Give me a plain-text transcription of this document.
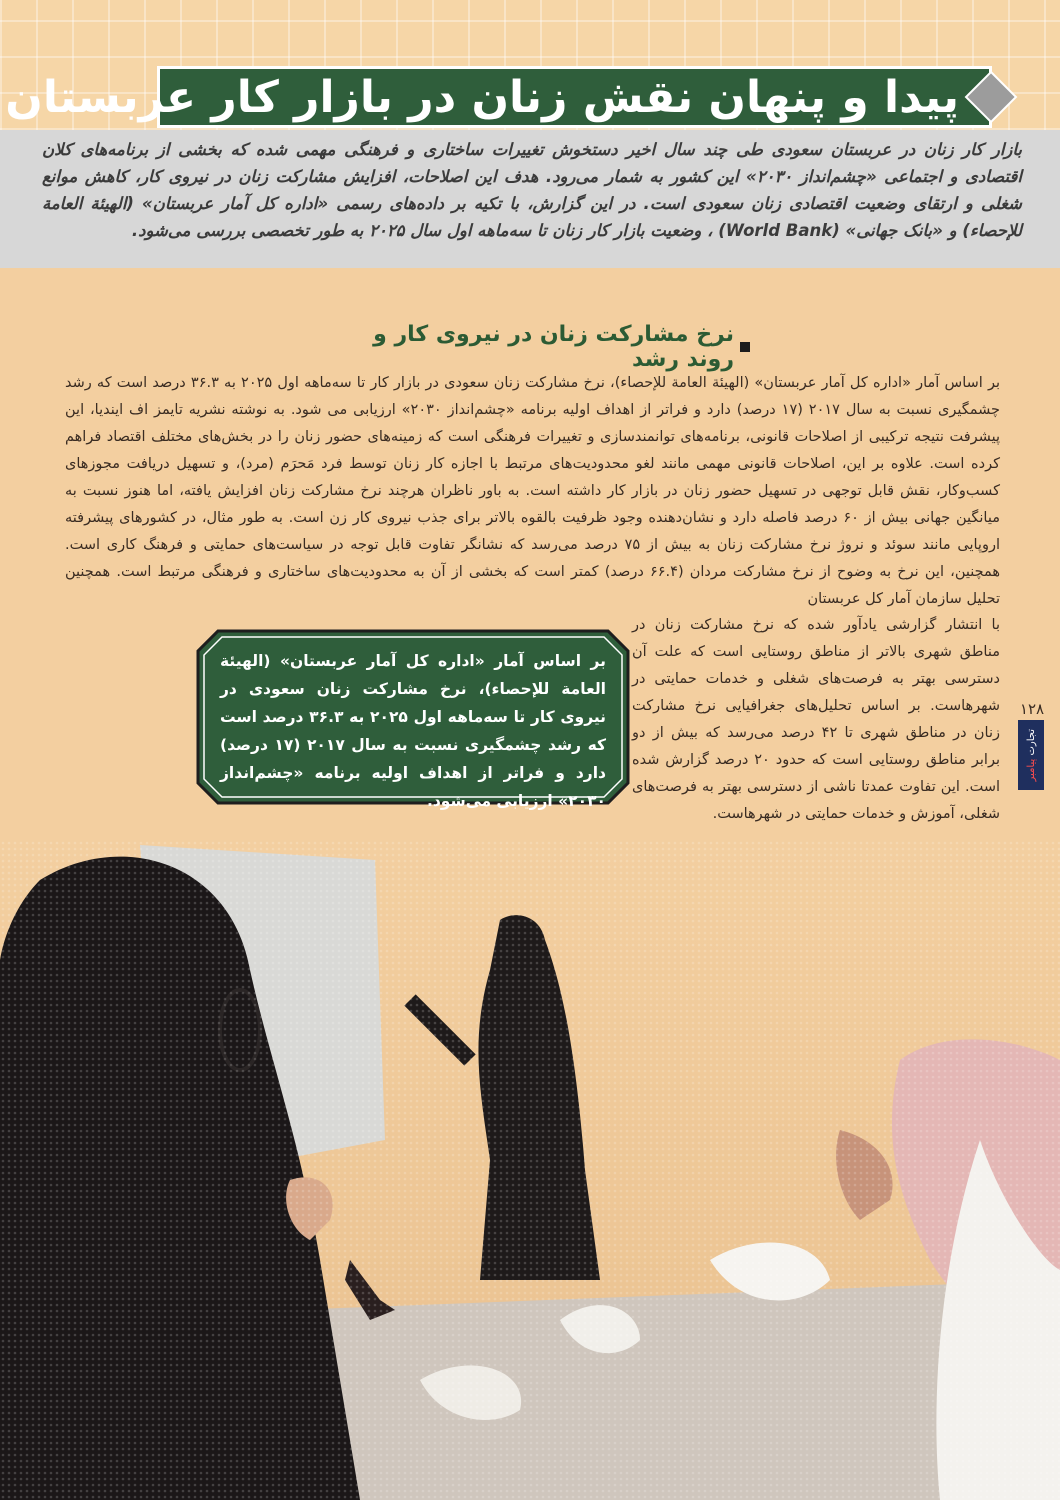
پیدا و پنهان نقش زنان در بازار کار عربستان

بازار کار زنان در عربستان سعودی طی چند سال اخیر دستخوش تغییرات ساختاری و فرهنگی مهمی شده که بخشی از برنامه‌های کلان اقتصادی و اجتماعی «چشم‌انداز ۲۰۳۰» این کشور به شمار می‌رود. هدف این اصلاحات، افزایش مشارکت زنان در نیروی کار، کاهش موانع شغلی و ارتقای وضعیت اقتصادی زنان سعودی است. در این گزارش، با تکیه بر داده‌های رسمی «اداره کل آمار عربستان» (الهیئة العامة للإحصاء) و «بانک جهانی» (World Bank) ، وضعیت بازار کار زنان تا سه‌ماهه اول سال ۲۰۲۵ به طور تخصصی بررسی می‌شود.

نرخ مشارکت زنان در نیروی کار و روند رشد

بر اساس آمار «اداره کل آمار عربستان» (الهیئة العامة للإحصاء)، نرخ مشارکت زنان سعودی در بازار کار تا سه‌ماهه اول ۲۰۲۵ به ۳۶.۳ درصد است که رشد چشمگیری نسبت به سال ۲۰۱۷ (۱۷ درصد) دارد و فراتر از اهداف اولیه برنامه «چشم‌انداز ۲۰۳۰» ارزیابی می شود. به نوشته نشریه تایمز اف ایندیا، این پیشرفت نتیجه ترکیبی از اصلاحات قانونی، برنامه‌های توانمندسازی و تغییرات فرهنگی است که زمینه‌های حضور زنان را در بخش‌های مختلف اقتصاد فراهم کرده است. علاوه بر این، اصلاحات قانونی مهمی مانند لغو محدودیت‌های مرتبط با اجازه کار زنان توسط فرد مَحرَم (مرد)، و تسهیل دریافت مجوزهای کسب‌وکار، نقش قابل توجهی در تسهیل حضور زنان در بازار کار داشته است. به باور ناظران هرچند نرخ مشارکت زنان افزایش یافته، اما هنوز نسبت به میانگین جهانی بیش از ۶۰ درصد فاصله دارد و نشان‌دهنده وجود ظرفیت بالقوه بالاتر برای جذب نیروی کار زن است. به طور مثال، در کشورهای پیشرفته اروپایی مانند سوئد و نروژ نرخ مشارکت زنان به بیش از ۷۵ درصد می‌رسد که نشانگر تفاوت قابل توجه در سیاست‌های حمایتی و فرهنگ کاری است. همچنین، این نرخ به وضوح از نرخ مشارکت مردان (۶۶.۴ درصد) کمتر است که بخشی از آن به محدودیت‌های ساختاری و فرهنگی مرتبط است. همچنین تحلیل سازمان آمار کل عربستان

با انتشار گزارشی یادآور شده که نرخ مشارکت زنان در مناطق شهری بالاتر از مناطق روستایی است که علت آن دسترسی بهتر به فرصت‌های شغلی و خدمات حمایتی در شهرهاست. بر اساس تحلیل‌های جغرافیایی نرخ مشارکت زنان در مناطق شهری تا ۴۲ درصد می‌رسد که بیش از دو برابر مناطق روستایی است که حدود ۲۰ درصد گزارش شده است. این تفاوت عمدتا ناشی از دسترسی بهتر به فرصت‌های شغلی، آموزش و خدمات حمایتی در شهرهاست.

بر اساس آمار «اداره کل آمار عربستان» (الهیئة العامة للإحصاء)، نرخ مشارکت زنان سعودی در نیروی کار تا سه‌ماهه اول ۲۰۲۵ به ۳۶.۳ درصد است که رشد چشمگیری نسبت به سال ۲۰۱۷ (۱۷ درصد) دارد و فراتر از اهداف اولیه برنامه «چشم‌انداز ۲۰۳۰» ارزیابی می‌شود.

۱۲۸
تجارت پیامبر
